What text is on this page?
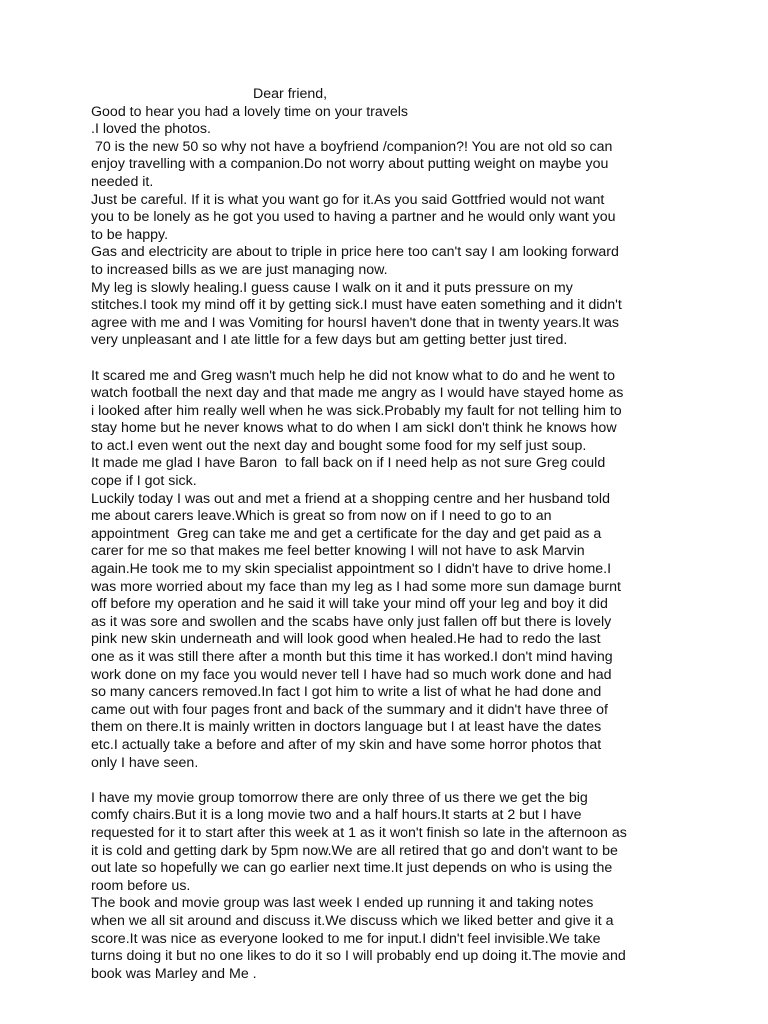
Dear friend,
Good to hear you had a lovely time on your travels
.I loved the photos.
70 is the new 50 so why not have a boyfriend /companion?! You are not old so can
enjoy travelling with a companion.Do not worry about putting weight on maybe you
needed it.
Just be careful. If it is what you want go for it.As you said Gottfried would not want
you to be lonely as he got you used to having a partner and he would only want you
to be happy.
Gas and electricity are about to triple in price here too can't say I am looking forward
to increased bills as we are just managing now.
My leg is slowly healing.I guess cause I walk on it and it puts pressure on my
stitches.I took my mind off it by getting sick.I must have eaten something and it didn't
agree with me and I was Vomiting for hoursI haven't done that in twenty years.It was
very unpleasant and I ate little for a few days but am getting better just tired.
It scared me and Greg wasn't much help he did not know what to do and he went to
watch football the next day and that made me angry as I would have stayed home as
i looked after him really well when he was sick.Probably my fault for not telling him to
stay home but he never knows what to do when I am sickI don't think he knows how
to act.I even went out the next day and bought some food for my self just soup.
It made me glad I have Baron  to fall back on if I need help as not sure Greg could
cope if I got sick.
Luckily today I was out and met a friend at a shopping centre and her husband told
me about carers leave.Which is great so from now on if I need to go to an
appointment  Greg can take me and get a certificate for the day and get paid as a
carer for me so that makes me feel better knowing I will not have to ask Marvin
again.He took me to my skin specialist appointment so I didn't have to drive home.I
was more worried about my face than my leg as I had some more sun damage burnt
off before my operation and he said it will take your mind off your leg and boy it did
as it was sore and swollen and the scabs have only just fallen off but there is lovely
pink new skin underneath and will look good when healed.He had to redo the last
one as it was still there after a month but this time it has worked.I don't mind having
work done on my face you would never tell I have had so much work done and had
so many cancers removed.In fact I got him to write a list of what he had done and
came out with four pages front and back of the summary and it didn't have three of
them on there.It is mainly written in doctors language but I at least have the dates
etc.I actually take a before and after of my skin and have some horror photos that
only I have seen.
I have my movie group tomorrow there are only three of us there we get the big
comfy chairs.But it is a long movie two and a half hours.It starts at 2 but I have
requested for it to start after this week at 1 as it won't finish so late in the afternoon as
it is cold and getting dark by 5pm now.We are all retired that go and don't want to be
out late so hopefully we can go earlier next time.It just depends on who is using the
room before us.
The book and movie group was last week I ended up running it and taking notes
when we all sit around and discuss it.We discuss which we liked better and give it a
score.It was nice as everyone looked to me for input.I didn't feel invisible.We take
turns doing it but no one likes to do it so I will probably end up doing it.The movie and
book was Marley and Me .
